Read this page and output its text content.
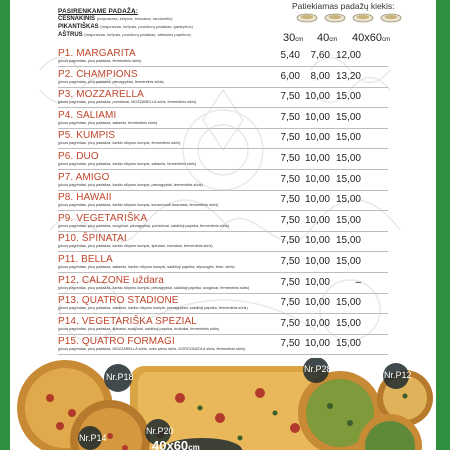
PASIRENKAME PADAŽĄ:
ČESNAKINIS (majonezas, kefyras, česnakai, raudonėlis)
PIKANTIŠKAS (majonezas, kefyras, pomidorų padažas, garstyčios)
AŠTRUS (majonezas, kefyras, pomidorų padažas, aitriosios paprikos)
Patiekiamas padažų kiekis:
30cm 40cm 40x60cm
P1. MARGARITA
(picos pagrindas, picų padažas, fermentinis sūris)	5,40	7,60 12,00
P2. CHAMPIONS
(picos pagrindas, picų padažas, pievagrybiai, fermentinis sūris)	6,00	8,00 13,20
P3. MOZZARELLA
(picos pagrindas, picų padažas, pomidorai, MOZZARELLA sūris, fermentinis sūris)	7,50 10,00 15,00
P4. SALIAMI
(picos pagrindas, picų padažas, saliamis, fermentinis sūris)	7,50 10,00 15,00
P5. KUMPIS
(picos pagrindas, picų padažas, karšto rūkymo kumpis, fermentinis sūris)	7,50 10,00 15,00
P6. DUO
(picos pagrindas, picų padažas, karšto rūkymo kumpis, saliamis, fermentinis sūris)	7,50 10,00 15,00
P7. AMIGO
(picos pagrindas, picų padažas, karšto rūkymo kumpis, pievagrybiai, fermentinis sūris)	7,50 10,00 15,00
P8. HAWAII
(picos pagrindas, picų padažas, karšto rūkymo kumpis, konservuoti ananasai, fermentinis sūris)	7,50 10,00 15,00
P9. VEGETARIŠKA
(picos pagrindas, picų padažas, svogūnai, pievagrybiai, pomidorai, saldžioji paprika, fermentinis sūris)	7,50 10,00 15,00
P10. ŠPINATAI
(picos pagrindas, picų padažas, karšto rūkymo kumpis, špinatai, česnakai, fermentinis sūris)	7,50 10,00 15,00
P11. BELLA
(picos pagrindas, picų padažas, saliamis, karšto rūkymo kumpis, saldžioji paprika, alyvuogės, ferm. sūris)	7,50 10,00 15,00
P12. CALZONE uždara
(picos pagrindas, picų padažas, karšto rūkymo kumpis, pievagrybiai, saldžioji paprika, svogūnai, fermentinis sūris)	7,50 10,00	–
P13. QUATRO STADIONE
(picos pagrindas, picų padažas, saliamis, karšto rūkymo kumpis, pievagrybiai, saldžioji paprika, fermentinis sūris)	7,50 10,00 15,00
P14. VEGETARIŠKA SPEZIAL
(picos pagrindas, picų padažas, špinatai, svogūnai, saldžioji paprika, brokoliai, fermentinis sūris)	7,50 10,00 15,00
P15. QUATRO FORMAGI
(picos pagrindas, picų padažas, MOZZARELLA sūris, ovės pieno sūris, GORGONZOLA sūris, fermentinis sūris)	7,50 10,00 15,00
Nr.P18
Nr.P28
Nr.P12
Nr.P20
Nr.P14	40x60cm
